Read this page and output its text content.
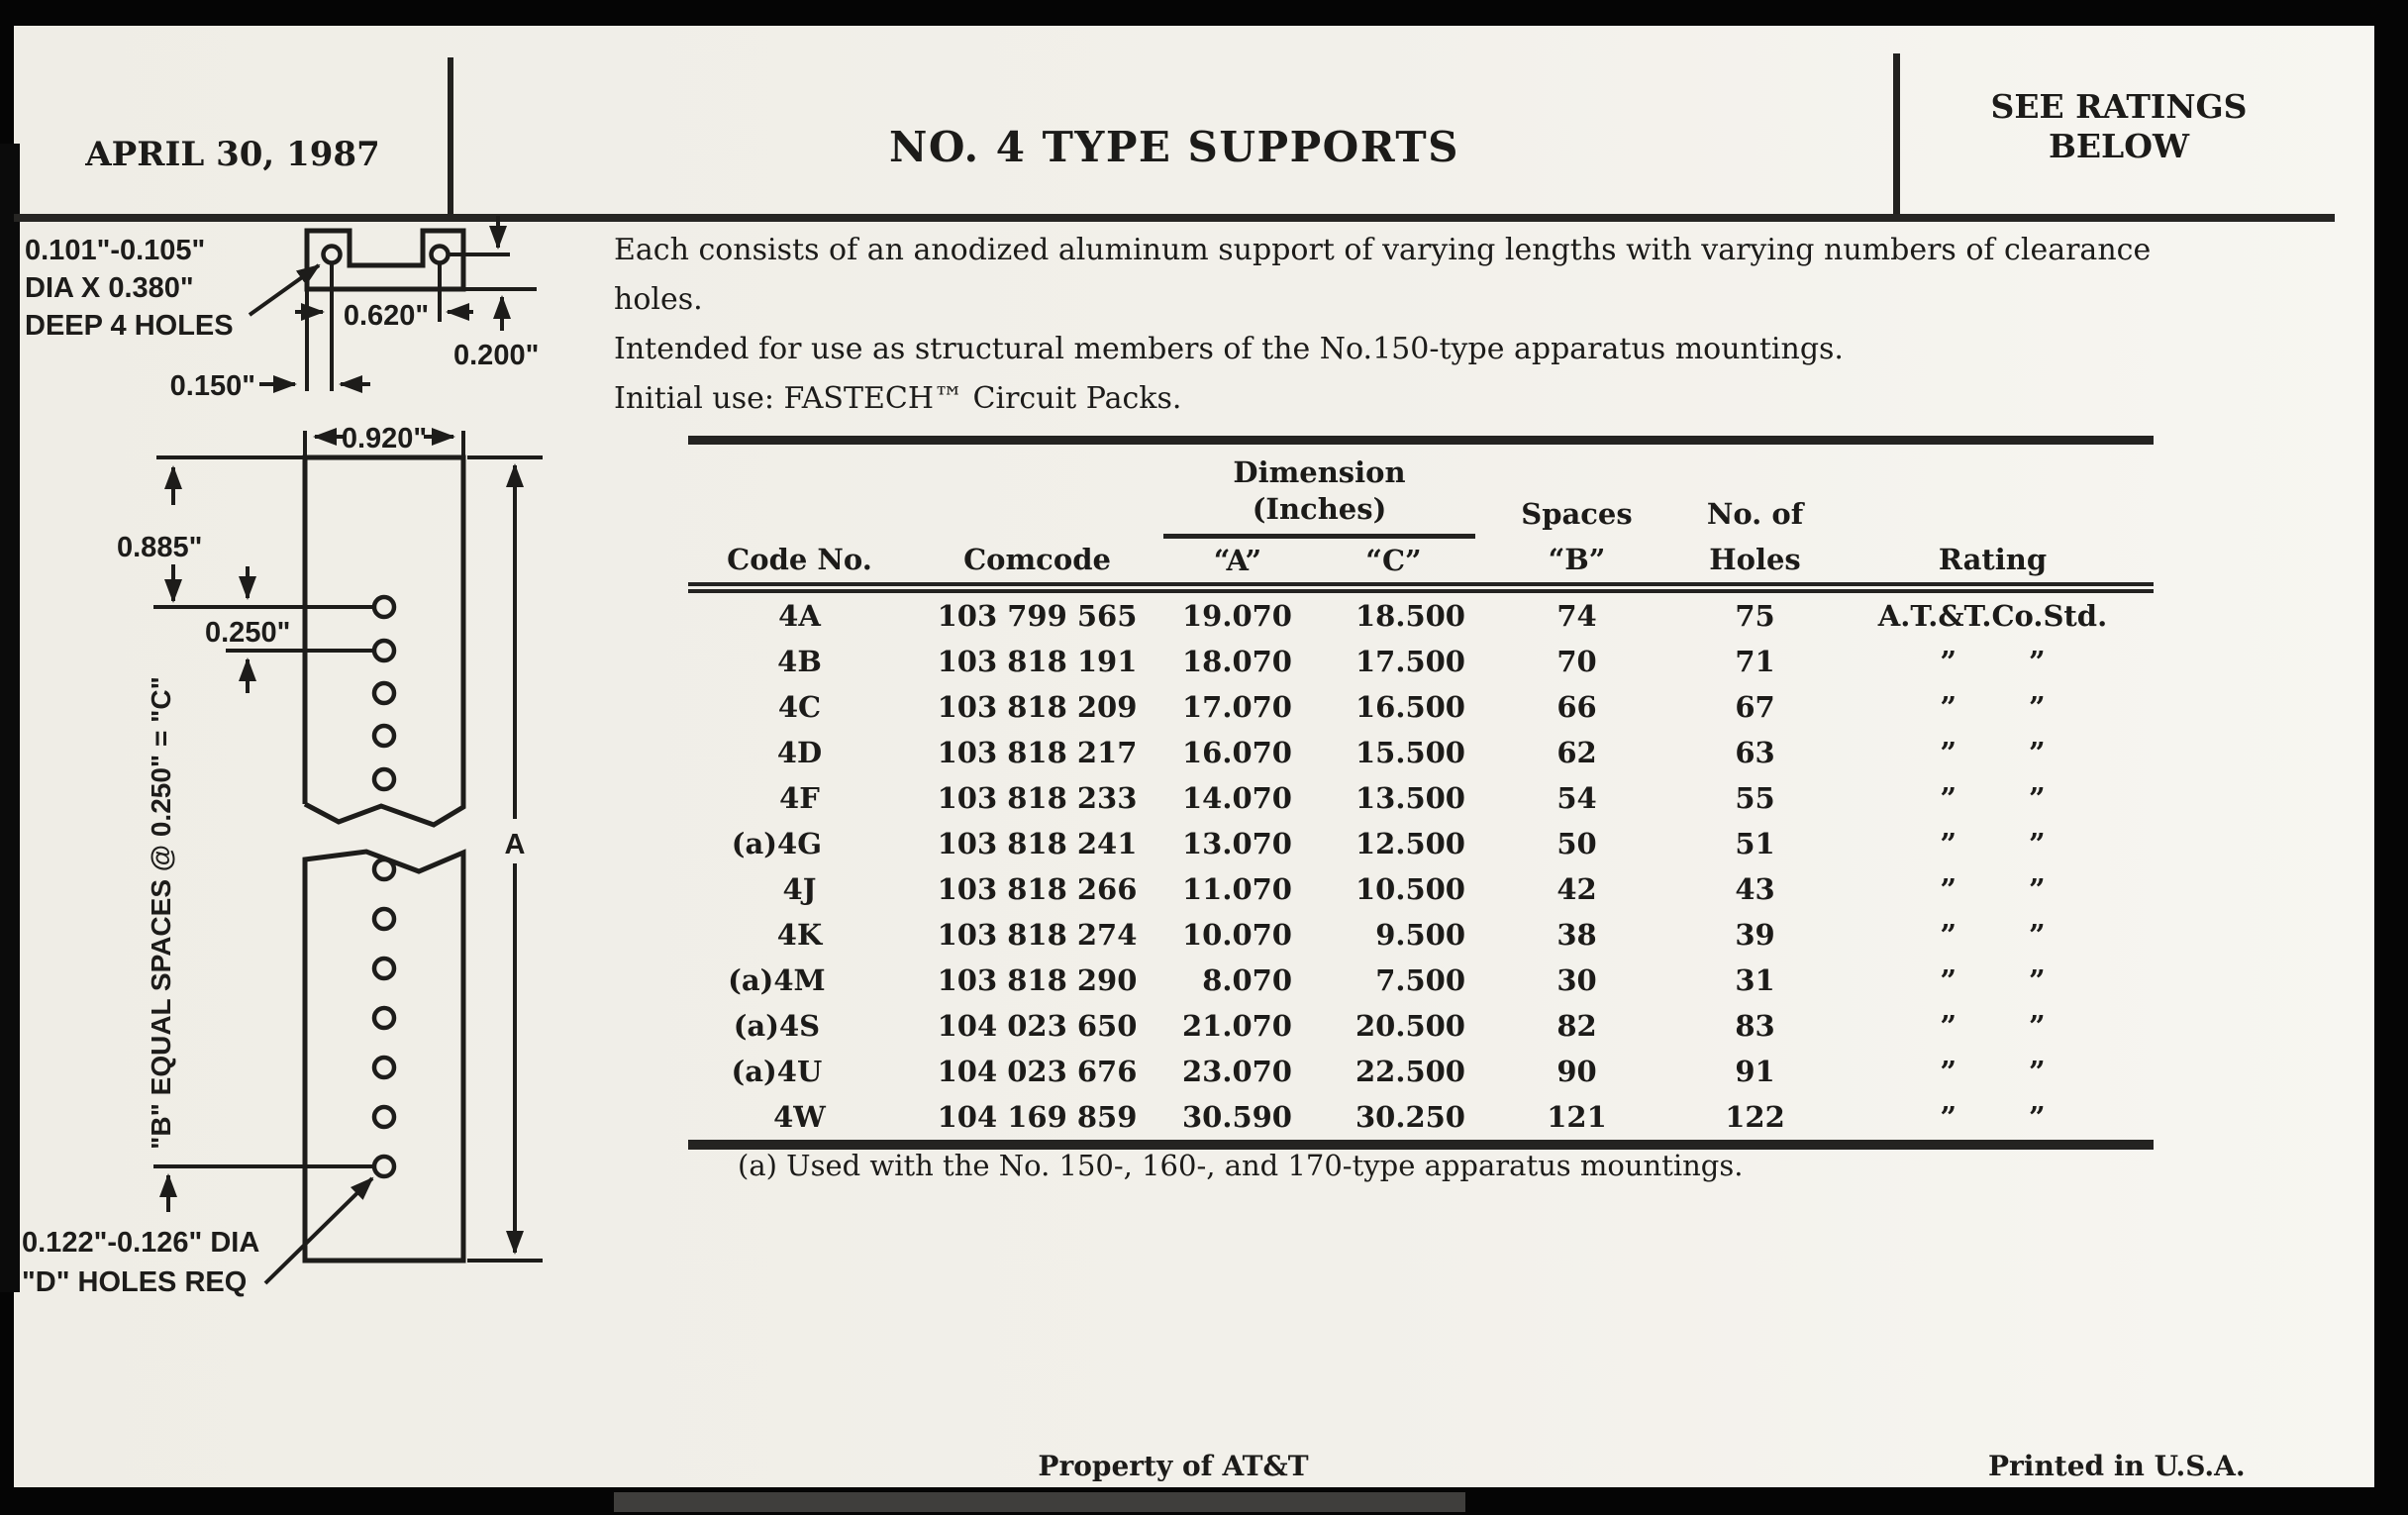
APRIL 30, 1987	NO. 4 TYPE SUPPORTS
SEE RATINGS
BELOW
Each consists of an anodized aluminum support of varying lengths with varying numbers of clearance holes.
Intended for use as structural members of the No.150-type apparatus mountings.
Initial use: FASTECH™ Circuit Packs.
0.101"-0.105"
DIA X 0.380"
DEEP 4 HOLES	0.620"
0.150"
0.200"
0.920"
0.885"
0.250"
"B" EQUAL SPACES @ 0.250" = "C"	A
0.122"-0.126" DIA
"D" HOLES REQ

		Dimension
(Inches)		Spaces	No. of	
Code No.	Comcode	“A”	“C”	“B”	Holes	Rating

4A	103 799 565	19.070	18.500	74	75	A.T.&T.Co.Std.

4B	103 818 191	18.070	17.500	70	71	” ”

4C	103 818 209	17.070	16.500	66	67	” ”

4D	103 818 217	16.070	15.500	62	63	” ”

4F	103 818 233	14.070	13.500	54	55	” ”

(a) 4G	103 818 241	13.070	12.500	50	51	” ”

4J	103 818 266	11.070	10.500	42	43	” ”

4K	103 818 274	10.070	9.500	38	39	” ”

(a) 4M	103 818 290	8.070	7.500	30	31	” ”

(a) 4S	104 023 650	21.070	20.500	82	83	” ”

(a) 4U	104 023 676	23.070	22.500	90	91	” ”

4W	104 169 859	30.590	30.250	121	122	” ”
(a) Used with the No. 150-, 160-, and 170-type apparatus mountings.
Property of AT&T	Printed in U.S.A.
